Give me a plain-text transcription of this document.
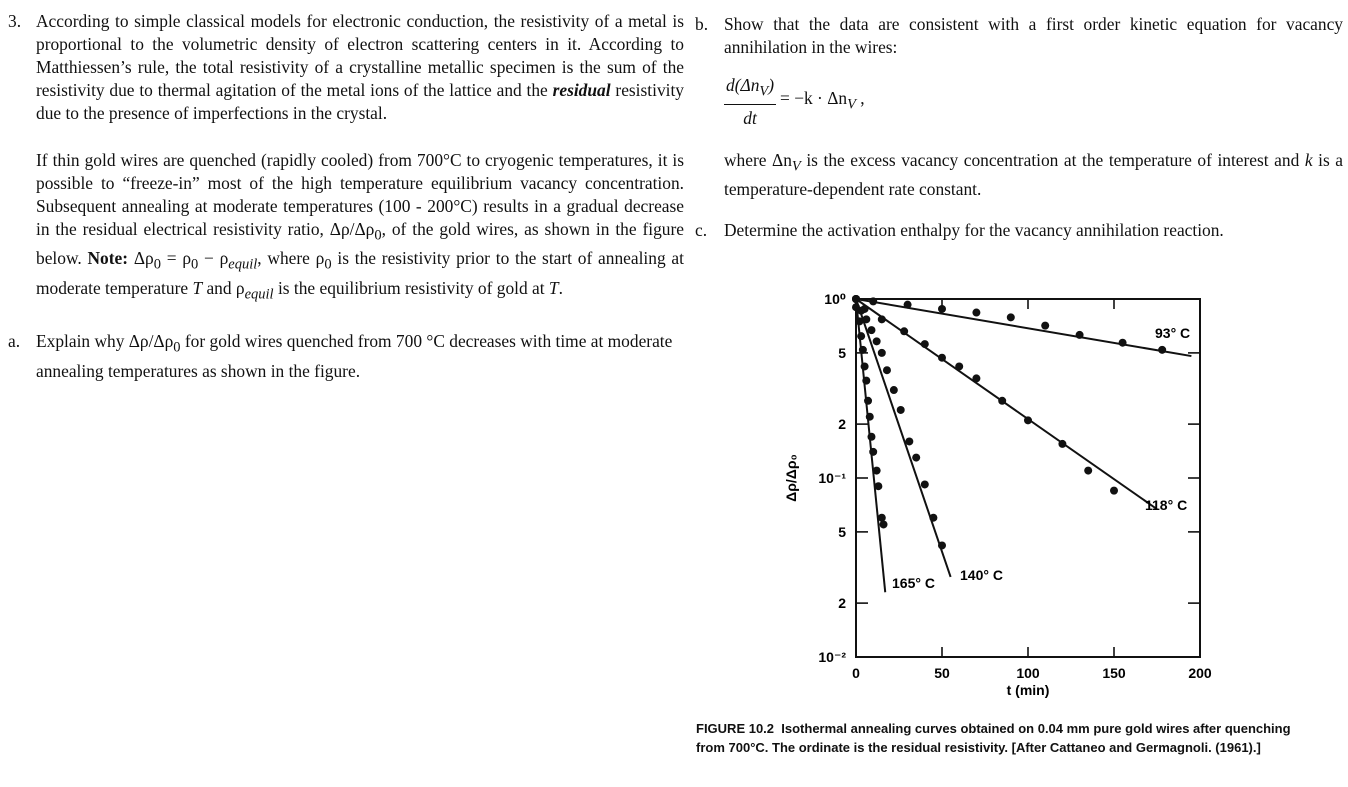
3. According to simple classical models for electronic conduction, the resistivity of a metal is proportional to the volumetric density of electron scattering centers in it. According to Matthiessen’s rule, the total resistivity of a crystalline metallic specimen is the sum of the resistivity due to thermal agitation of the metal ions of the lattice and the residual resistivity due to the presence of imperfections in the crystal.

If thin gold wires are quenched (rapidly cooled) from 700°C to cryogenic temperatures, it is possible to “freeze-in” most of the high temperature equilibrium vacancy concentration. Subsequent annealing at moderate temperatures (100 - 200°C) results in a gradual decrease in the residual electrical resistivity ratio, $\Delta\rho/\Delta\rho_0$, of the gold wires, as shown in the figure below. Note: $\Delta\rho_0 = \rho_0 - \rho_{equil}$, where $\rho_0$ is the resistivity prior to the start of annealing at moderate temperature T and $\rho_{equil}$ is the equilibrium resistivity of gold at T.

a. Explain why $\Delta\rho/\Delta\rho_0$ for gold wires quenched from 700 °C decreases with time at moderate annealing temperatures as shown in the figure.
b. Show that the data are consistent with a first order kinetic equation for vacancy annihilation in the wires:
$\frac{d(\Delta n_V)}{dt} = -k \cdot \Delta n_V$ ,
where $\Delta n_V$ is the excess vacancy concentration at the temperature of interest and k is a temperature-dependent rate constant.
c. Determine the activation enthalpy for the vacancy annihilation reaction.
0	50	100	150	200
10⁰
5
2
10⁻¹
5
2
10⁻²
93° C
118° C
140° C
165° C
t (min)
Δρ/Δρ₀
FIGURE 10.2 Isothermal annealing curves obtained on 0.04 mm pure gold wires after quenching from 700°C. The ordinate is the residual resistivity. [After Cattaneo and Germagnoli. (1961).]
